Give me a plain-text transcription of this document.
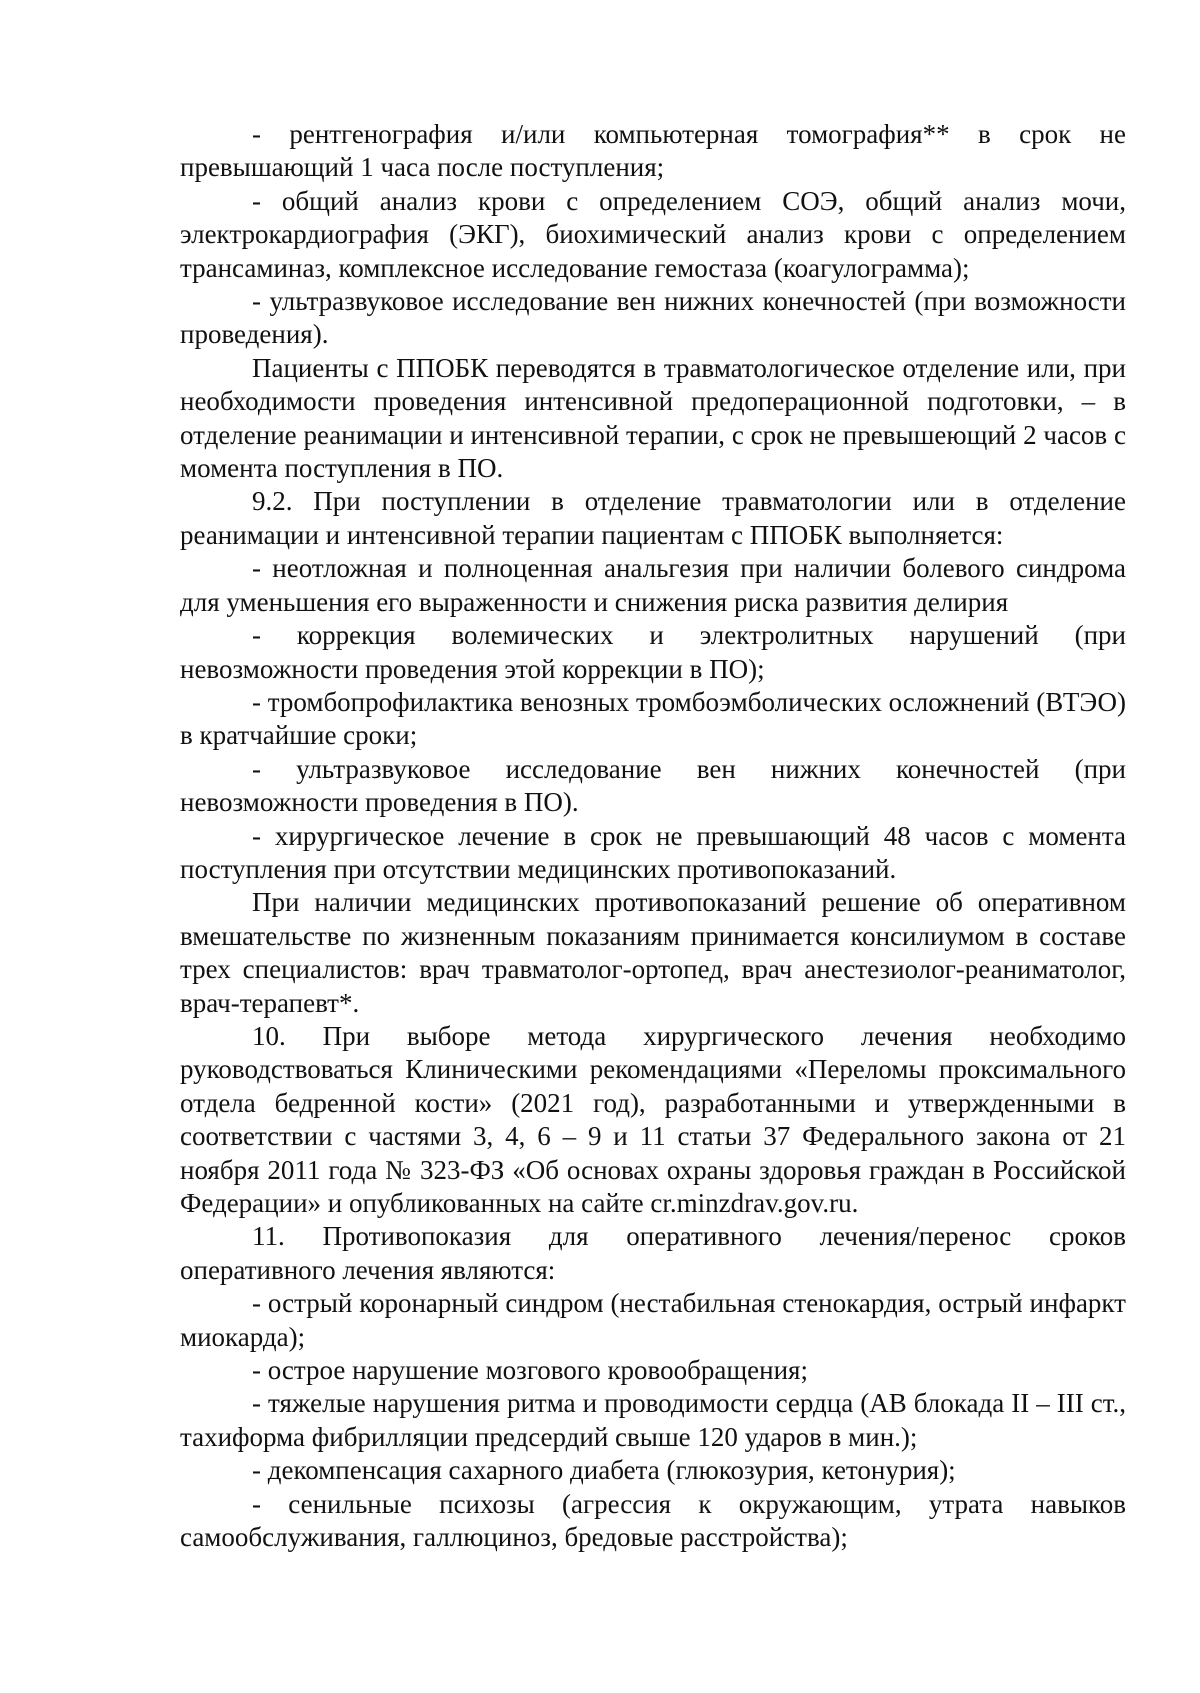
- рентгенография и/или компьютерная томография** в срок не превышающий 1 часа после поступления;

- общий анализ крови с определением СОЭ, общий анализ мочи, электрокардиография (ЭКГ), биохимический анализ крови с определением трансаминаз, комплексное исследование гемостаза (коагулограмма);

- ультразвуковое исследование вен нижних конечностей (при возможности проведения).

Пациенты с ППОБК переводятся в травматологическое отделение или, при необходимости проведения интенсивной предоперационной подготовки, – в отделение реанимации и интенсивной терапии, с срок не превышеющий 2 часов с момента поступления в ПО.

9.2. При поступлении в отделение травматологии или в отделение реанимации и интенсивной терапии пациентам с ППОБК выполняется:

- неотложная и полноценная анальгезия при наличии болевого синдрома для уменьшения его выраженности и снижения риска развития делирия

- коррекция волемических и электролитных нарушений (при невозможности проведения этой коррекции в ПО);

- тромбопрофилактика венозных тромбоэмболических осложнений (ВТЭО) в кратчайшие сроки;

- ультразвуковое исследование вен нижних конечностей (при невозможности проведения в ПО).

- хирургическое лечение в срок не превышающий 48 часов с момента поступления при отсутствии медицинских противопоказаний.

При наличии медицинских противопоказаний решение об оперативном вмешательстве по жизненным показаниям принимается консилиумом в составе трех специалистов: врач травматолог-ортопед, врач анестезиолог-реаниматолог, врач-терапевт*.

10. При выборе метода хирургического лечения необходимо руководствоваться Клиническими рекомендациями «Переломы проксимального отдела бедренной кости» (2021 год), разработанными и утвержденными в соответствии с частями 3, 4, 6 – 9 и 11 статьи 37 Федерального закона от 21 ноября 2011 года № 323-ФЗ «Об основах охраны здоровья граждан в Российской Федерации» и опубликованных на сайте cr.minzdrav.gov.ru.

11. Противопоказия для оперативного лечения/перенос сроков оперативного лечения являются:

- острый коронарный синдром (нестабильная стенокардия, острый инфаркт миокарда);

- острое нарушение мозгового кровообращения;

- тяжелые нарушения ритма и проводимости сердца (АВ блокада II – III ст., тахиформа фибрилляции предсердий свыше 120 ударов в мин.);

- декомпенсация сахарного диабета (глюкозурия, кетонурия);

- сенильные психозы (агрессия к окружающим, утрата навыков самообслуживания, галлюциноз, бредовые расстройства);
